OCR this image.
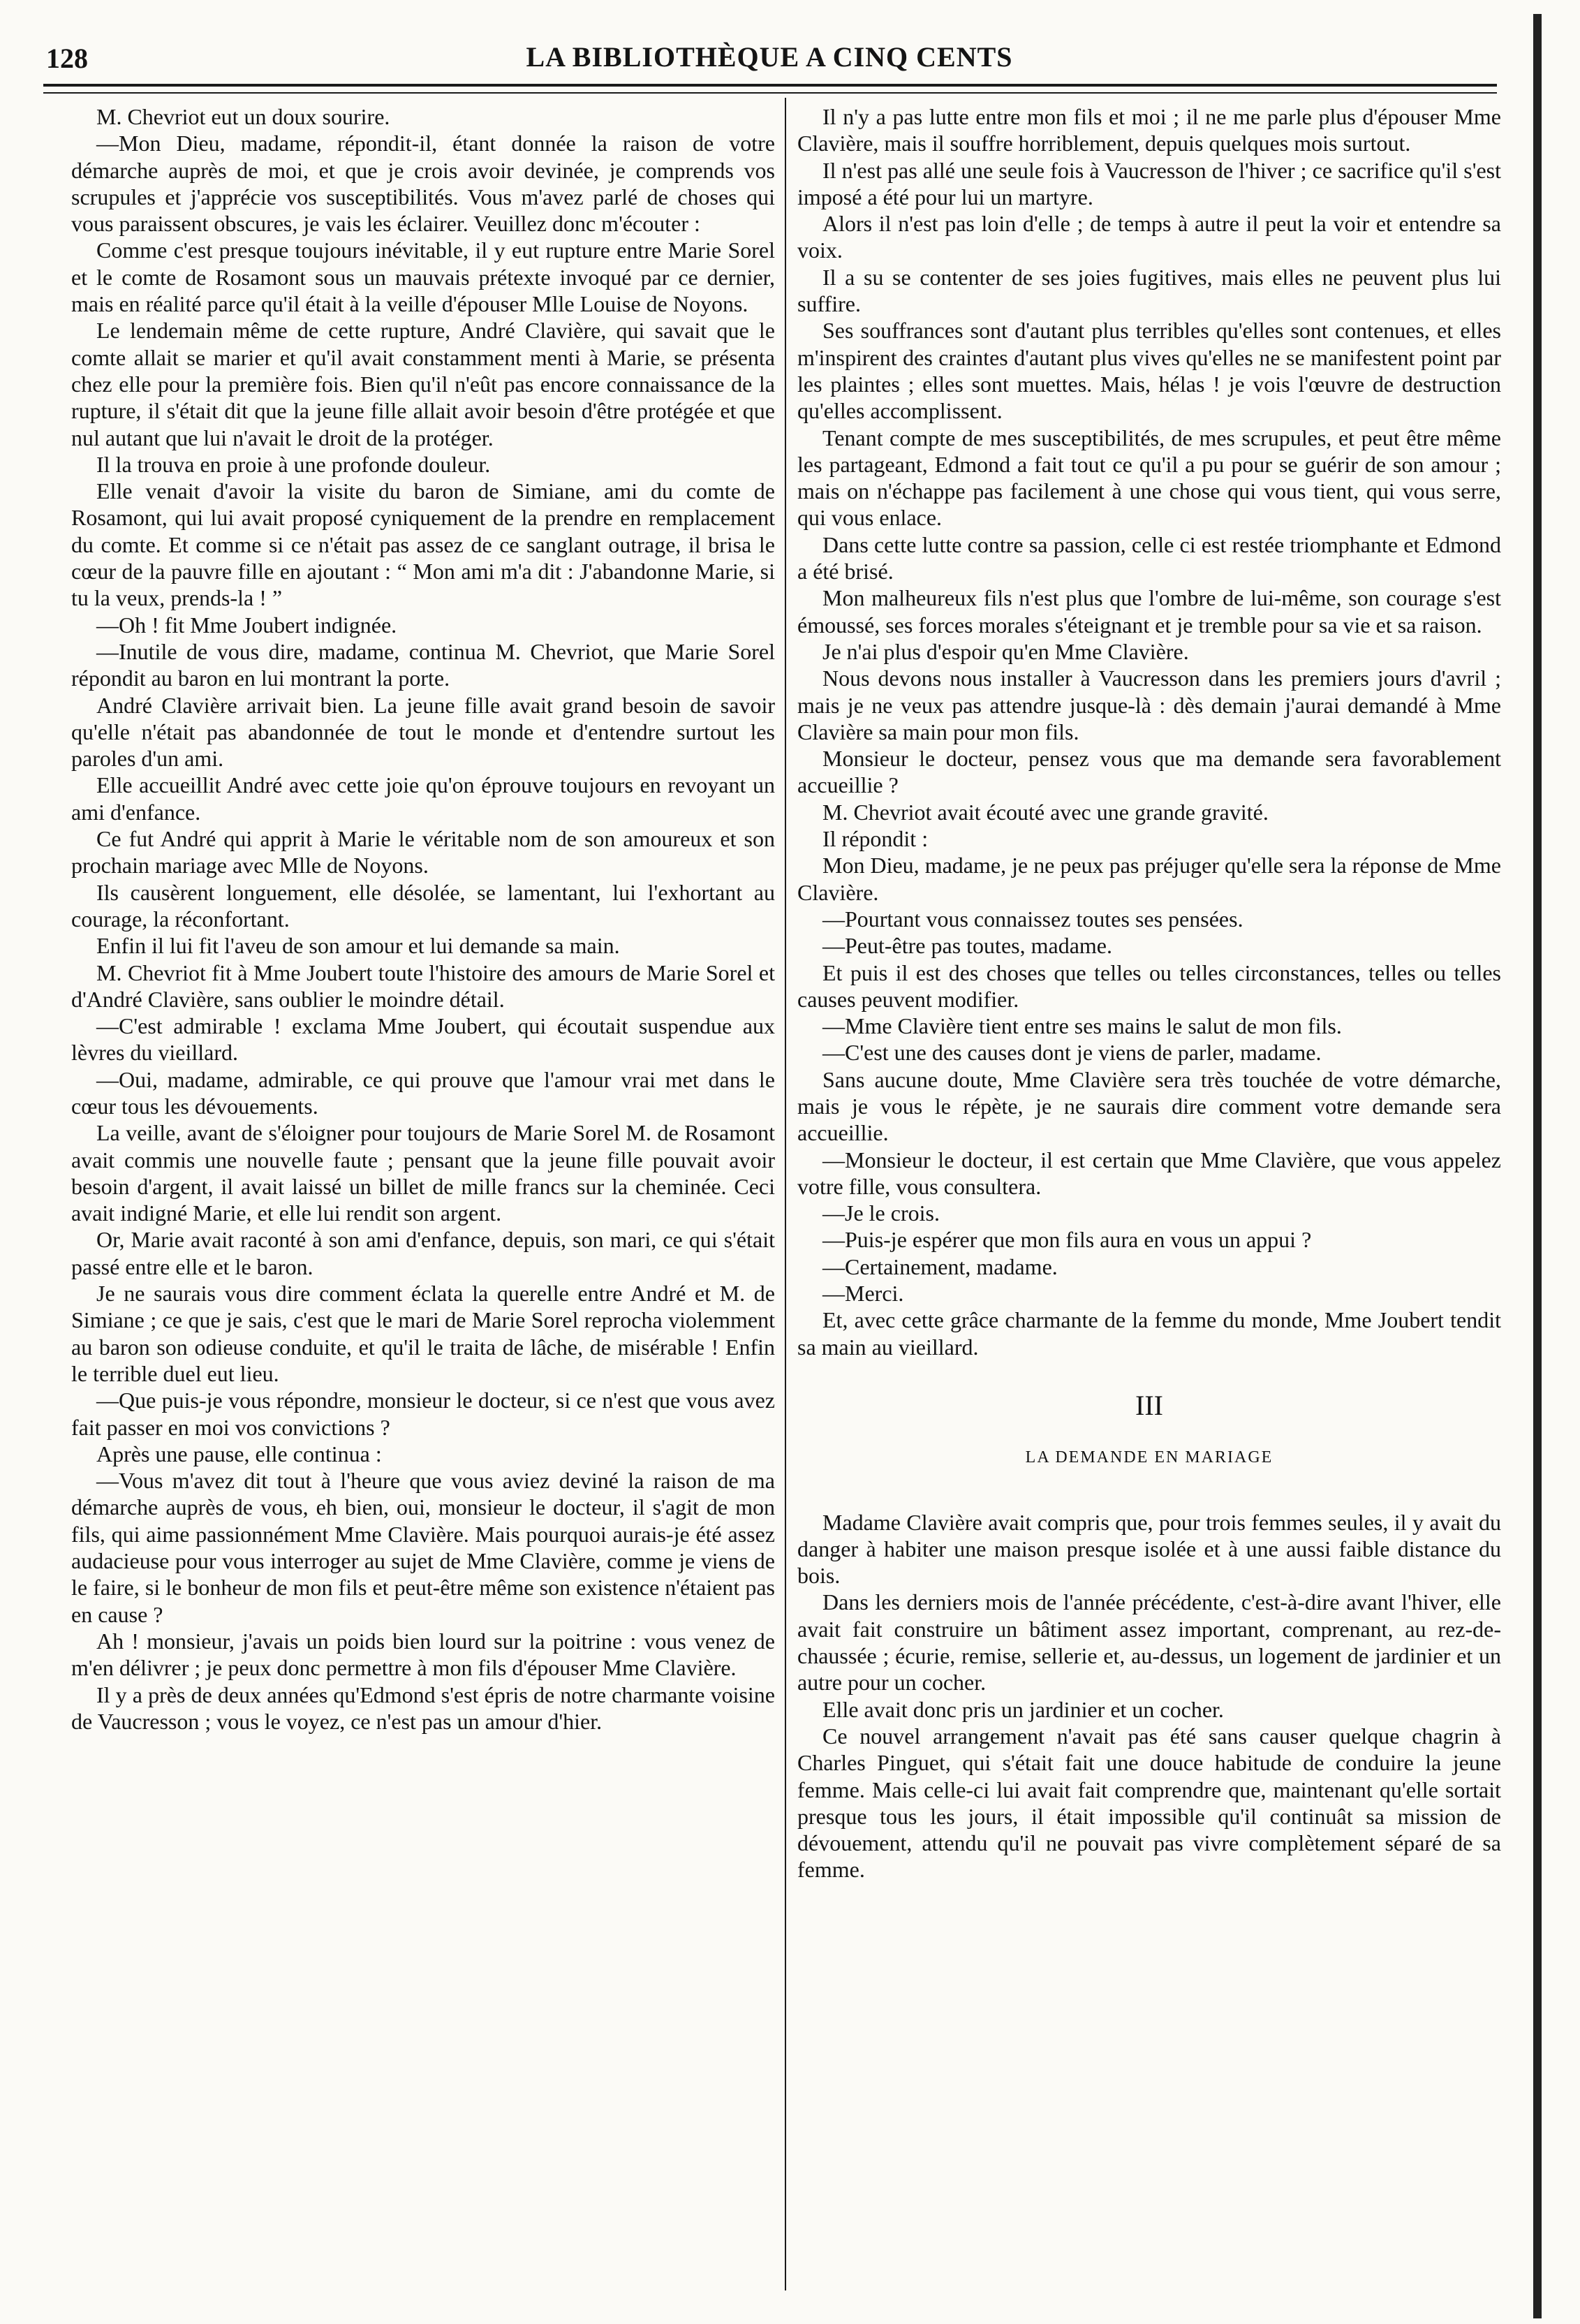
128	LA BIBLIOTHÈQUE A CINQ CENTS

M. Chevriot eut un doux sourire.

—Mon Dieu, madame, répondit-il, étant donnée la raison de votre démarche auprès de moi, et que je crois avoir devinée, je comprends vos scrupules et j'apprécie vos susceptibilités. Vous m'avez parlé de choses qui vous paraissent obscures, je vais les éclairer. Veuillez donc m'écouter :

Comme c'est presque toujours inévitable, il y eut rupture entre Marie Sorel et le comte de Rosamont sous un mauvais prétexte invoqué par ce dernier, mais en réalité parce qu'il était à la veille d'épouser Mlle Louise de Noyons.

Le lendemain même de cette rupture, André Clavière, qui savait que le comte allait se marier et qu'il avait constamment menti à Marie, se présenta chez elle pour la première fois. Bien qu'il n'eût pas encore connaissance de la rupture, il s'était dit que la jeune fille allait avoir besoin d'être protégée et que nul autant que lui n'avait le droit de la protéger.

Il la trouva en proie à une profonde douleur.

Elle venait d'avoir la visite du baron de Simiane, ami du comte de Rosamont, qui lui avait proposé cyniquement de la prendre en remplacement du comte. Et comme si ce n'était pas assez de ce sanglant outrage, il brisa le cœur de la pauvre fille en ajoutant : “ Mon ami m'a dit : J'abandonne Marie, si tu la veux, prends-la ! ”

—Oh ! fit Mme Joubert indignée.

—Inutile de vous dire, madame, continua M. Chevriot, que Marie Sorel répondit au baron en lui montrant la porte.

André Clavière arrivait bien. La jeune fille avait grand besoin de savoir qu'elle n'était pas abandonnée de tout le monde et d'entendre surtout les paroles d'un ami.

Elle accueillit André avec cette joie qu'on éprouve toujours en revoyant un ami d'enfance.

Ce fut André qui apprit à Marie le véritable nom de son amoureux et son prochain mariage avec Mlle de Noyons.

Ils causèrent longuement, elle désolée, se lamentant, lui l'exhortant au courage, la réconfortant.

Enfin il lui fit l'aveu de son amour et lui demande sa main.

M. Chevriot fit à Mme Joubert toute l'histoire des amours de Marie Sorel et d'André Clavière, sans oublier le moindre détail.

—C'est admirable ! exclama Mme Joubert, qui écoutait suspendue aux lèvres du vieillard.

—Oui, madame, admirable, ce qui prouve que l'amour vrai met dans le cœur tous les dévouements.

La veille, avant de s'éloigner pour toujours de Marie Sorel M. de Rosamont avait commis une nouvelle faute ; pensant que la jeune fille pouvait avoir besoin d'argent, il avait laissé un billet de mille francs sur la cheminée. Ceci avait indigné Marie, et elle lui rendit son argent.

Or, Marie avait raconté à son ami d'enfance, depuis, son mari, ce qui s'était passé entre elle et le baron.

Je ne saurais vous dire comment éclata la querelle entre André et M. de Simiane ; ce que je sais, c'est que le mari de Marie Sorel reprocha violemment au baron son odieuse conduite, et qu'il le traita de lâche, de misérable ! Enfin le terrible duel eut lieu.

—Que puis-je vous répondre, monsieur le docteur, si ce n'est que vous avez fait passer en moi vos convictions ?

Après une pause, elle continua :

—Vous m'avez dit tout à l'heure que vous aviez deviné la raison de ma démarche auprès de vous, eh bien, oui, monsieur le docteur, il s'agit de mon fils, qui aime passionnément Mme Clavière. Mais pourquoi aurais-je été assez audacieuse pour vous interroger au sujet de Mme Clavière, comme je viens de le faire, si le bonheur de mon fils et peut-être même son existence n'étaient pas en cause ?

Ah ! monsieur, j'avais un poids bien lourd sur la poitrine : vous venez de m'en délivrer ; je peux donc permettre à mon fils d'épouser Mme Clavière.

Il y a près de deux années qu'Edmond s'est épris de notre charmante voisine de Vaucresson ; vous le voyez, ce n'est pas un amour d'hier.

Il n'y a pas lutte entre mon fils et moi ; il ne me parle plus d'épouser Mme Clavière, mais il souffre horriblement, depuis quelques mois surtout.

Il n'est pas allé une seule fois à Vaucresson de l'hiver ; ce sacrifice qu'il s'est imposé a été pour lui un martyre.

Alors il n'est pas loin d'elle ; de temps à autre il peut la voir et entendre sa voix.

Il a su se contenter de ses joies fugitives, mais elles ne peuvent plus lui suffire.

Ses souffrances sont d'autant plus terribles qu'elles sont contenues, et elles m'inspirent des craintes d'autant plus vives qu'elles ne se manifestent point par les plaintes ; elles sont muettes. Mais, hélas ! je vois l'œuvre de destruction qu'elles accomplissent.

Tenant compte de mes susceptibilités, de mes scrupules, et peut être même les partageant, Edmond a fait tout ce qu'il a pu pour se guérir de son amour ; mais on n'échappe pas facilement à une chose qui vous tient, qui vous serre, qui vous enlace.

Dans cette lutte contre sa passion, celle ci est restée triomphante et Edmond a été brisé.

Mon malheureux fils n'est plus que l'ombre de lui-même, son courage s'est émoussé, ses forces morales s'éteignant et je tremble pour sa vie et sa raison.

Je n'ai plus d'espoir qu'en Mme Clavière.

Nous devons nous installer à Vaucresson dans les premiers jours d'avril ; mais je ne veux pas attendre jusque-là : dès demain j'aurai demandé à Mme Clavière sa main pour mon fils.

Monsieur le docteur, pensez vous que ma demande sera favorablement accueillie ?

M. Chevriot avait écouté avec une grande gravité.

Il répondit :

Mon Dieu, madame, je ne peux pas préjuger qu'elle sera la réponse de Mme Clavière.

—Pourtant vous connaissez toutes ses pensées.

—Peut-être pas toutes, madame.

Et puis il est des choses que telles ou telles circonstances, telles ou telles causes peuvent modifier.

—Mme Clavière tient entre ses mains le salut de mon fils.

—C'est une des causes dont je viens de parler, madame.

Sans aucune doute, Mme Clavière sera très touchée de votre démarche, mais je vous le répète, je ne saurais dire comment votre demande sera accueillie.

—Monsieur le docteur, il est certain que Mme Clavière, que vous appelez votre fille, vous consultera.

—Je le crois.

—Puis-je espérer que mon fils aura en vous un appui ?

—Certainement, madame.

—Merci.

Et, avec cette grâce charmante de la femme du monde, Mme Joubert tendit sa main au vieillard.

III
LA DEMANDE EN MARIAGE

Madame Clavière avait compris que, pour trois femmes seules, il y avait du danger à habiter une maison presque isolée et à une aussi faible distance du bois.

Dans les derniers mois de l'année précédente, c'est-à-dire avant l'hiver, elle avait fait construire un bâtiment assez important, comprenant, au rez-de-chaussée ; écurie, remise, sellerie et, au-dessus, un logement de jardinier et un autre pour un cocher.

Elle avait donc pris un jardinier et un cocher.

Ce nouvel arrangement n'avait pas été sans causer quelque chagrin à Charles Pinguet, qui s'était fait une douce habitude de conduire la jeune femme. Mais celle-ci lui avait fait comprendre que, maintenant qu'elle sortait presque tous les jours, il était impossible qu'il continuât sa mission de dévouement, attendu qu'il ne pouvait pas vivre complètement séparé de sa femme.
